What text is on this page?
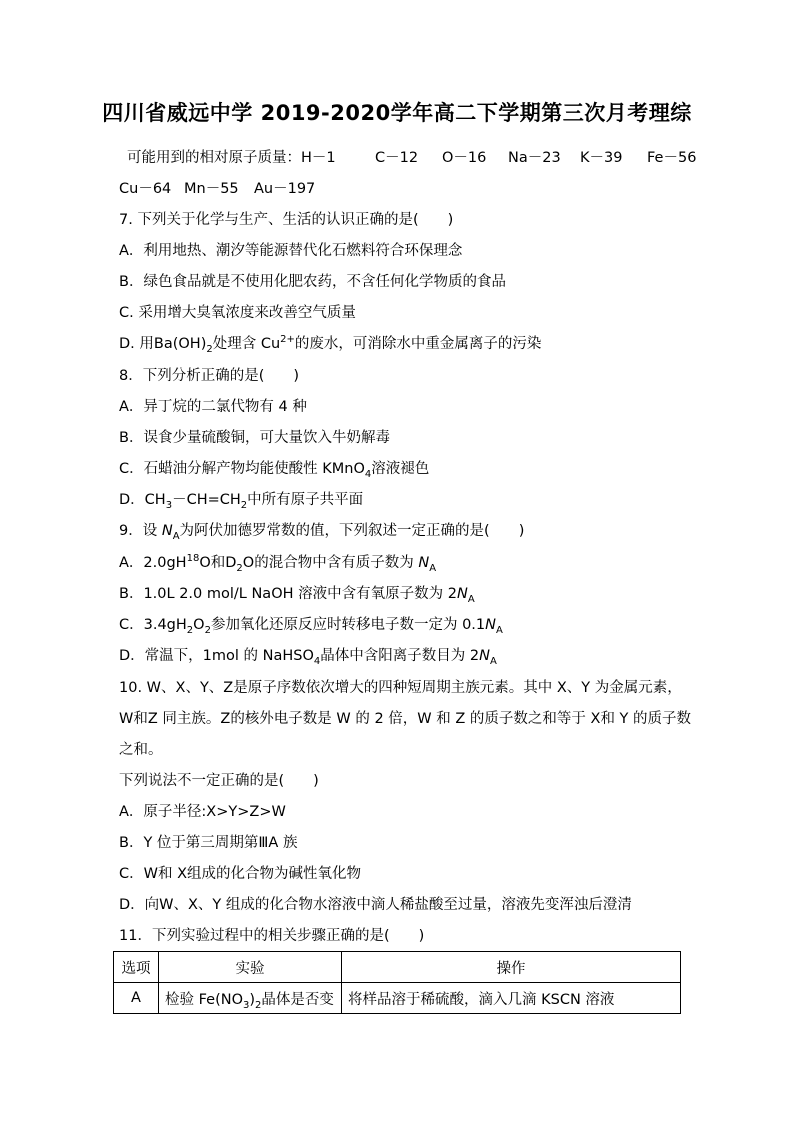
四川省威远中学 2019-2020学年高二下学期第三次月考理综
可能用到的相对原子质量：H－1	C－12 O－16 Na－23 K－39 Fe－56
Cu－64 Mn－55 Au－197
7. 下列关于化学与生产、生活的认识正确的是(　　)
A．利用地热、潮汐等能源替代化石燃料符合环保理念
B．绿色食品就是不使用化肥农药，不含任何化学物质的食品
C. 采用增大臭氧浓度来改善空气质量
D. 用$Ba(OH)_2$处理含 $Cu^{2+}$的废水，可消除水中重金属离子的污染
8．下列分析正确的是(　　)
A．异丁烷的二氯代物有 4 种
B．误食少量硫酸铜，可大量饮入牛奶解毒
C．石蜡油分解产物均能使酸性 KMnO$_4$溶液褪色
D．$CH_3-CH=CH_2$中所有原子共平面
9．设 $N_A$为阿伏加德罗常数的值，下列叙述一定正确的是(　　)
A．$2.0gH^{18}O$和$D_2O$的混合物中含有质子数为 $N_A$
B．1.0L 2.0 mol/L NaOH 溶液中含有氧原子数为 $2N_A$
C．$3.4gH_2O_2$参加氧化还原反应时转移电子数一定为 $0.1N_A$
D．常温下，1mol 的 NaHSO$_4$晶体中含阳离子数目为 $2N_A$
10. W、X、Y、Z是原子序数依次增大的四种短周期主族元素。其中 X、Y 为金属元素，
W和Z 同主族。Z的核外电子数是 W 的 2 倍，W 和 Z 的质子数之和等于 X和 Y 的质子数
之和。
下列说法不一定正确的是(　　)
A．原子半径:X>Y>Z>W
B．Y 位于第三周期第ⅢA 族
C．W和 X组成的化合物为碱性氧化物
D．向W、X、Y 组成的化合物水溶液中滴人稀盐酸至过量，溶液先变浑浊后澄清
11．下列实验过程中的相关步骤正确的是(　　)
选项	实验	操作
A	检验 $Fe(NO_3)_2$晶体是否变	将样品溶于稀硫酸，滴入几滴 KSCN 溶液
